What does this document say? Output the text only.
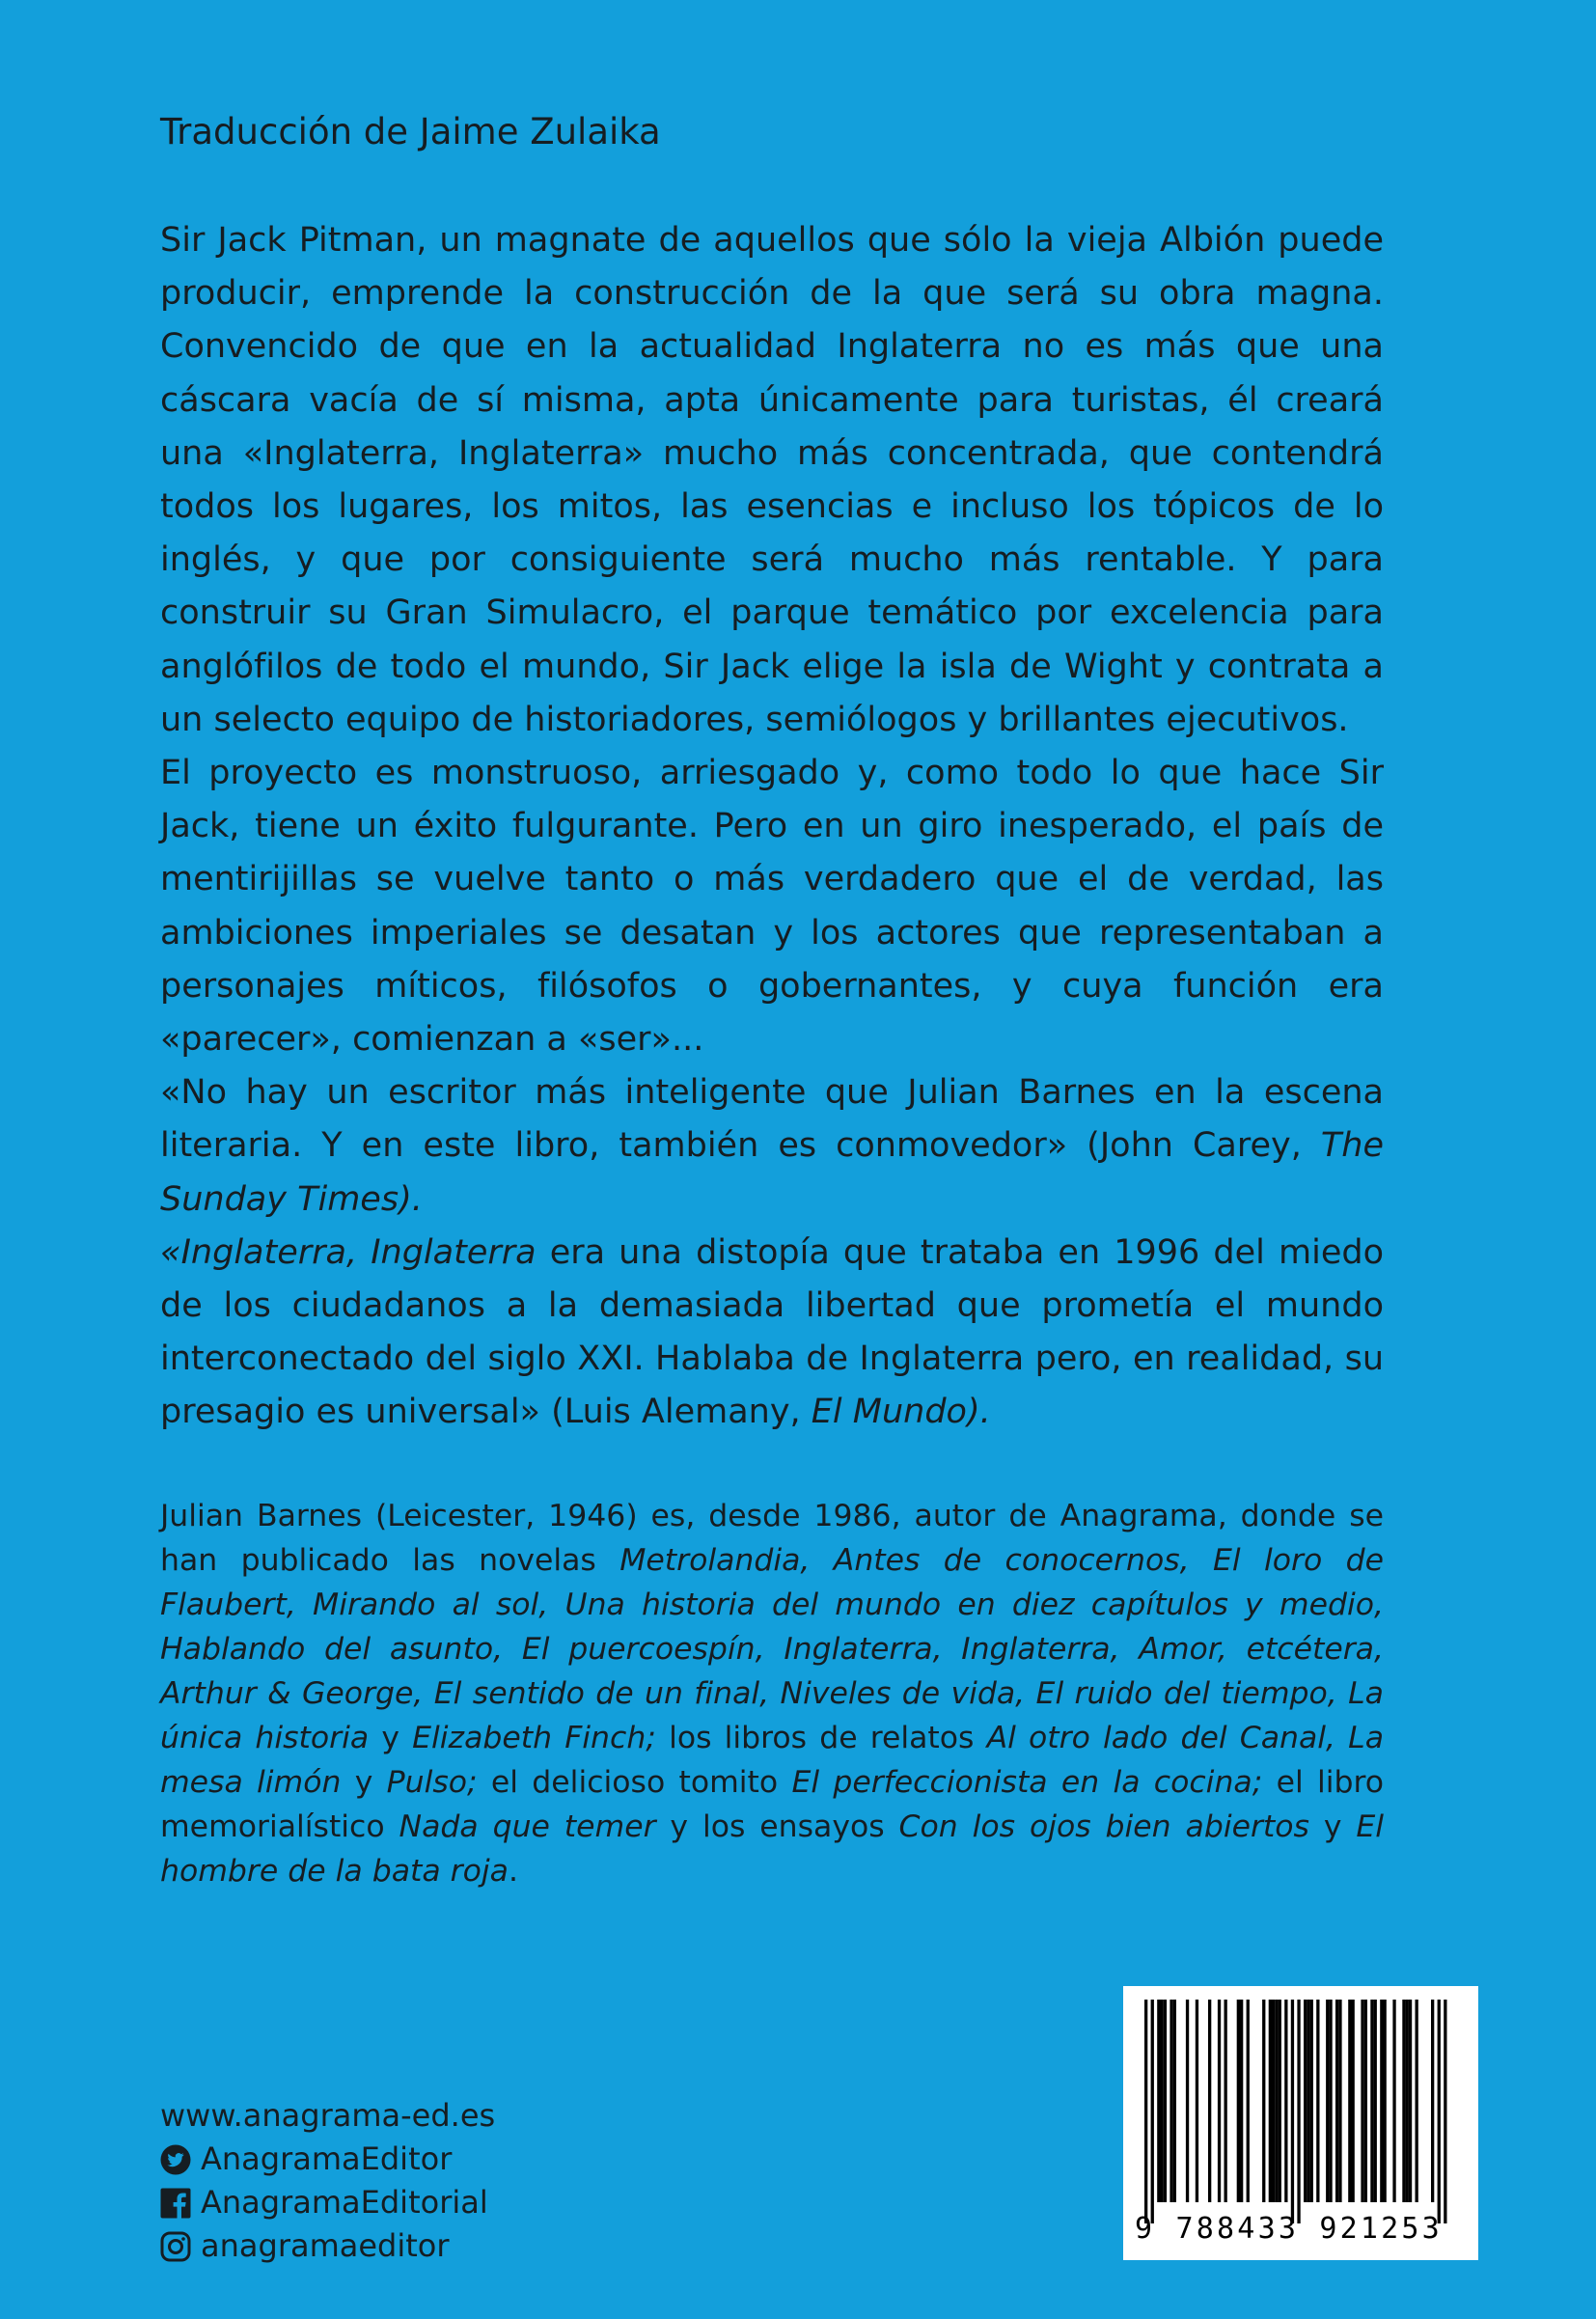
Traducción de Jaime Zulaika

Sir Jack Pitman, un magnate de aquellos que sólo la vieja Albión puede producir, emprende la construcción de la que será su obra magna. Convencido de que en la actualidad Inglaterra no es más que una cáscara vacía de sí misma, apta únicamente para turistas, él creará una «Inglaterra, Inglaterra» mucho más concentrada, que contendrá todos los lugares, los mitos, las esencias e incluso los tópicos de lo inglés, y que por consiguiente será mucho más rentable. Y para construir su Gran Simulacro, el parque temático por excelencia para anglófilos de todo el mundo, Sir Jack elige la isla de Wight y contrata a un selecto equipo de historiadores, semiólogos y brillantes ejecutivos.

El proyecto es monstruoso, arriesgado y, como todo lo que hace Sir Jack, tiene un éxito fulgurante. Pero en un giro inesperado, el país de mentirijillas se vuelve tanto o más verdadero que el de verdad, las ambiciones imperiales se desatan y los actores que representaban a personajes míticos, filósofos o gobernantes, y cuya función era «parecer», comienzan a «ser»...

«No hay un escritor más inteligente que Julian Barnes en la escena literaria. Y en este libro, también es conmovedor» (John Carey, The Sunday Times).

«Inglaterra, Inglaterra era una distopía que trataba en 1996 del miedo de los ciudadanos a la demasiada libertad que prometía el mundo interconectado del siglo XXI. Hablaba de Inglaterra pero, en realidad, su presagio es universal» (Luis Alemany, El Mundo).

Julian Barnes (Leicester, 1946) es, desde 1986, autor de Anagrama, donde se han publicado las novelas Metrolandia, Antes de conocernos, El loro de Flaubert, Mirando al sol, Una historia del mundo en diez capítulos y medio, Hablando del asunto, El puercoespín, Inglaterra, Inglaterra, Amor, etcétera, Arthur & George, El sentido de un final, Niveles de vida, El ruido del tiempo, La única historia y Elizabeth Finch; los libros de relatos Al otro lado del Canal, La mesa limón y Pulso; el delicioso tomito El perfeccionista en la cocina; el libro memorialístico Nada que temer y los ensayos Con los ojos bien abiertos y El hombre de la bata roja.

www.anagrama-ed.es
AnagramaEditor
AnagramaEditorial
anagramaeditor	9 788433 921253
